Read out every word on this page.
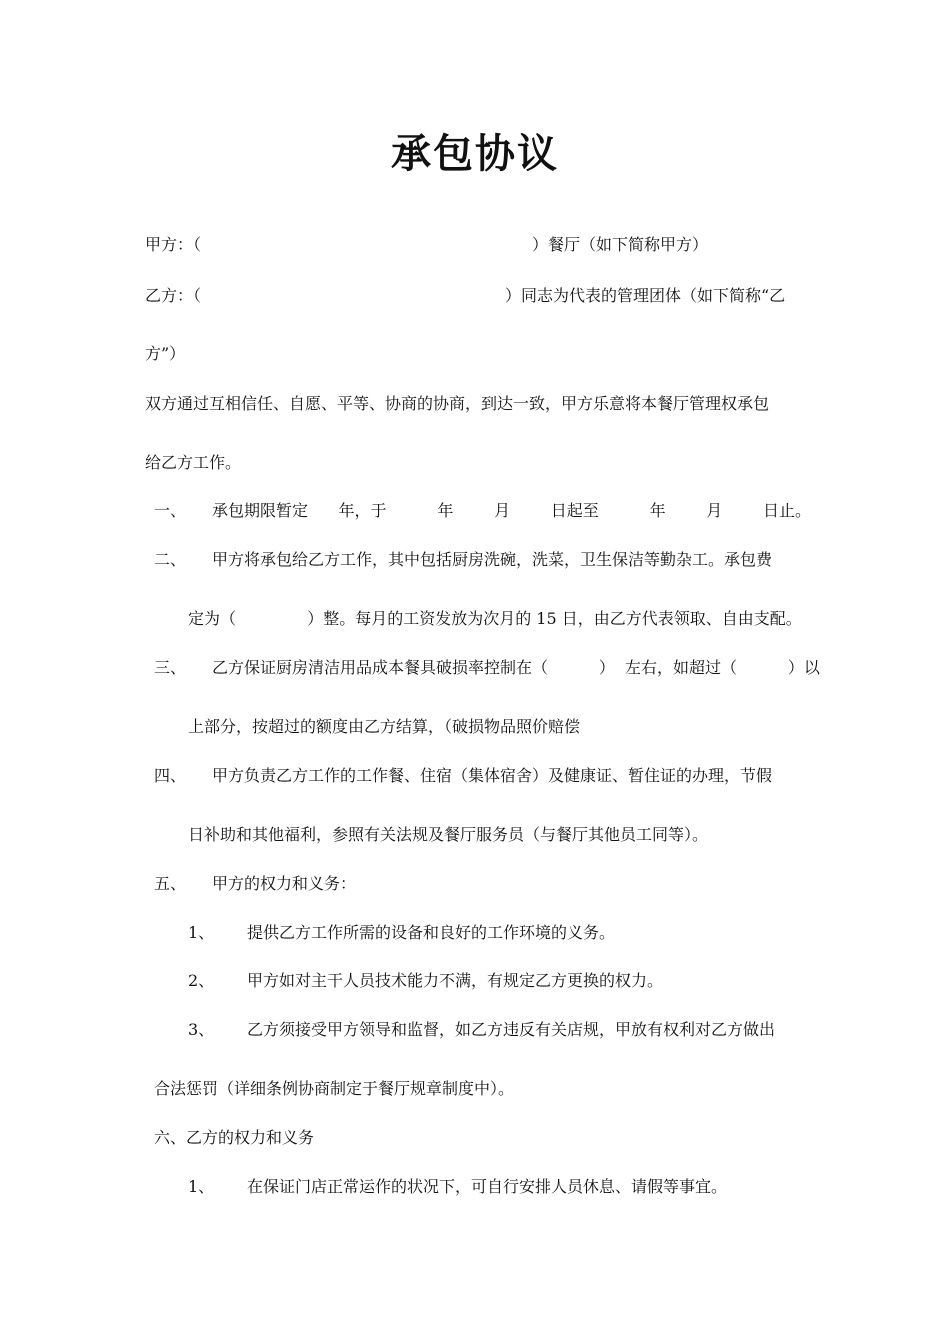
承包协议
甲方：（	）餐厅（如下简称甲方）
乙方：（	）同志为代表的管理团体（如下简称“乙
方”）
双方通过互相信任、自愿、平等、协商的协商，到达一致，甲方乐意将本餐厅管理权承包
给乙方工作。
一、 承包期限暂定      年，于          年        月        日起至          年        月        日止。
二、 甲方将承包给乙方工作，其中包括厨房洗碗，洗菜，卫生保洁等勤杂工。承包费
定为（              ）整。每月的工资发放为次月的 15 日，由乙方代表领取、自由支配。
三、 乙方保证厨房清洁用品成本餐具破损率控制在（          ）  左右，如超过（          ）以
上部分，按超过的额度由乙方结算，（破损物品照价赔偿
四、 甲方负责乙方工作的工作餐、住宿（集体宿舍）及健康证、暂住证的办理，节假
日补助和其他福利，参照有关法规及餐厅服务员（与餐厅其他员工同等）。
五、 甲方的权力和义务：
1、 提供乙方工作所需的设备和良好的工作环境的义务。
2、 甲方如对主干人员技术能力不满，有规定乙方更换的权力。
3、 乙方须接受甲方领导和监督，如乙方违反有关店规，甲放有权利对乙方做出
合法惩罚（详细条例协商制定于餐厅规章制度中）。
六、乙方的权力和义务
1、 在保证门店正常运作的状况下，可自行安排人员休息、请假等事宜。
